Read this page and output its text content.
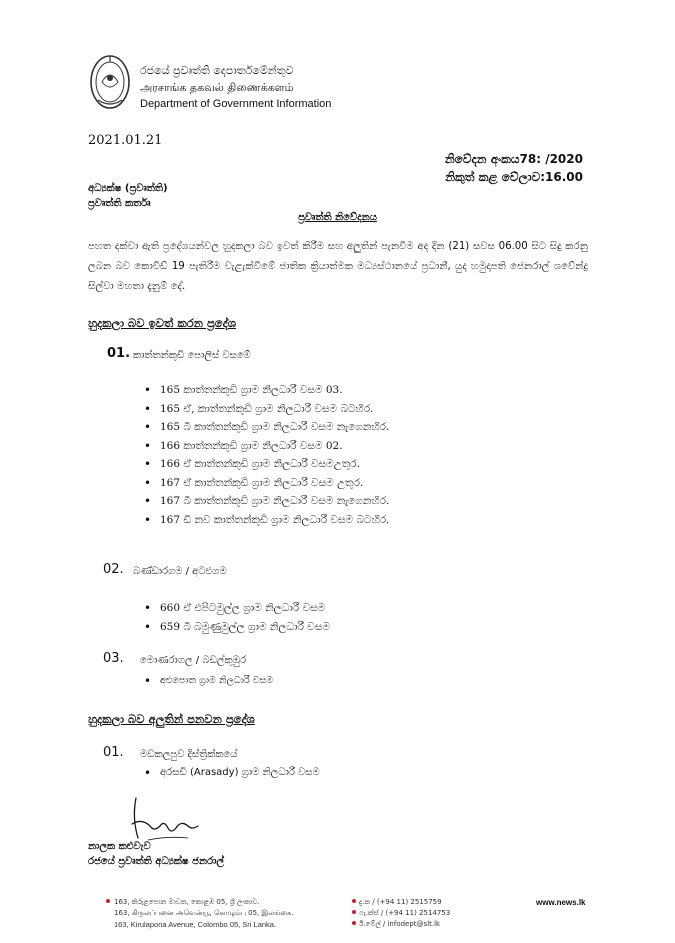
රජයේ ප්‍රවෘත්ති දෙපාර්තමේන්තුව
அரசாங்க தகவல் திணைக்களம்
Department of Government Information
2021.01.21
නිවේදන අංකය78: /2020
නිකුත් කළ වේලාව:16.00
අධ්‍යක්ෂ (ප්‍රවෘත්ති)
ප්‍රවෘත්ති කර්තෘ
ප්‍රවෘත්ති නිවේදනය
පහත දක්වා ඇති ප්‍රදේශයන්වල හුදකලා බව ඉවත් කිරීම සහ අලුතින් පැනවීම අද දින (21) සවස 06.00 සිට සිදු කරනු ලබන බව කොවිඩ් 19 පැතිරීම වැළැක්වීමේ ජාතික ක්‍රියාත්මක මධ්‍යස්ථානයේ ප්‍රධානී, යුද හමුදාපති ජෙනරාල් ශවේන්ද්‍ර සිල්වා මහතා දැනුම් දේ.
හුදකලා බව ඉවත් කරන ප්‍රදේශ
01. කාත්තන්කුඩි පොලිස් වසමේ
• 165 කාත්තන්කුඩි ග්‍රාම නිලධාරී වසම 03.
• 165 ඒ, කාත්තන්කුඩි ග්‍රාම නිලධාරී වසම බටහිර.
• 165 බී කාත්තන්කුඩි ග්‍රාම නිලධාරී වසම නැගෙනහිර.
• 166 කාත්තන්කුඩි ග්‍රාම නිලධාරී වසම 02.
• 166 ඒ කාත්තන්කුඩි ග්‍රාම නිලධාරී වසමඋතුර.
• 167 ඒ කාත්තන්කුඩි ග්‍රාම නිලධාරී වසම උතුර.
• 167 බී කාත්තන්කුඩි ග්‍රාම නිලධාරී වසම නැගෙනහිර.
• 167 ඩී නව කාත්තන්කුඩි ග්‍රාම නිලධාරී වසම බටහිර.
02. බණ්ඩාරගම / අටළුගම
• 660 ඒ එපිටමුල්ල ග්‍රාම නිලධාරී වසම
• 659 බී බමුණුමුල්ල ග්‍රාම නිලධාරී වසම
03. මොණරාගල / බඩල්කුඹුර
• අළුපොත ග්‍රාම නිලධාරී වසම
හුදකලා බව අලුතින් පනවන ප්‍රදේශ
01. මඩකලපුව දිස්ත්‍රික්කයේ
• අරසඩි (Arasady) ග්‍රාම නිලධාරී වසම
නාලක කළුවැව
රජයේ ප්‍රවෘත්ති අධ්‍යක්ෂ ජනරාල්
163, කිරුළපොන මාවත, කොළඹ 05, ශ්‍රී ලංකාව.
163, கிருலப்பனை அவென்யூ, கொழும்பு 05, இலங்கை.
163, Kirulapona Avenue, Colombo 05, Sri Lanka.
දු.ක / (+94 11) 2515759
ෆැ.ක්ස් / (+94 11) 2514753
ඊ.මේල් / infodept@slt.lk
www.news.lk
